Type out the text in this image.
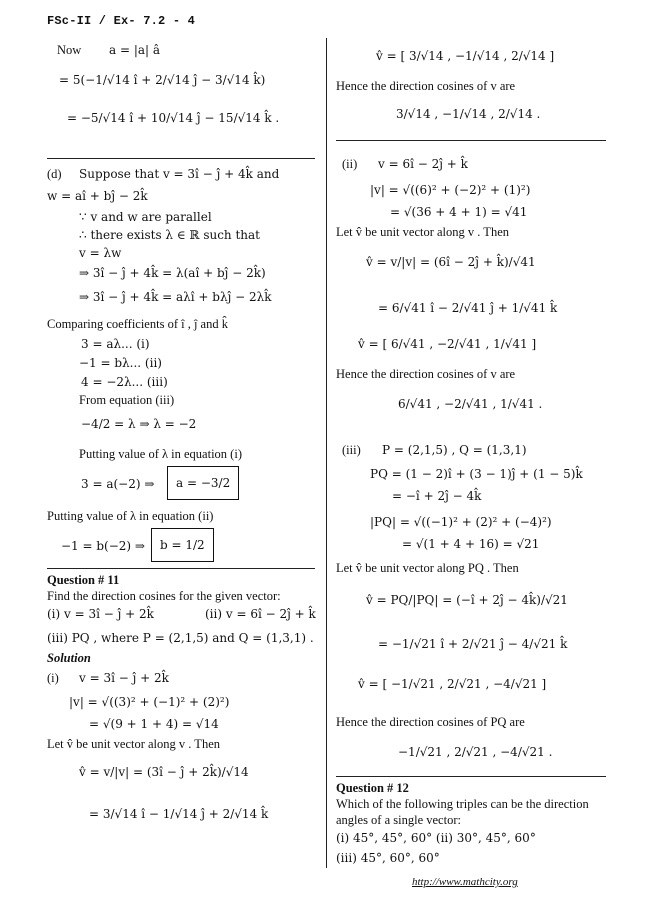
FSc-II / Ex- 7.2 - 4
Now a = |a| â
= 5(−1/√14 î + 2/√14 ĵ − 3/√14 k̂)
= −5/√14 î + 10/√14 ĵ − 15/√14 k̂ .
(d) Suppose that v = 3î − ĵ + 4k̂ and
w = aî + bĵ − 2k̂
∵ v and w are parallel
∴ there exists λ ∈ ℝ such that
v = λw
⇒ 3î − ĵ + 4k̂ = λ(aî + bĵ − 2k̂)
⇒ 3î − ĵ + 4k̂ = aλî + bλĵ − 2λk̂
Comparing coefficients of î , ĵ and k̂
3 = aλ... (i)
−1 = bλ... (ii)
4 = −2λ... (iii)
From equation (iii)
−4/2 = λ ⇒ λ = −2
Putting value of λ in equation (i)
3 = a(−2) ⇒	a = −3/2
Putting value of λ in equation (ii)
−1 = b(−2) ⇒	b = 1/2
Question # 11
Find the direction cosines for the given vector:
(i) v = 3î − ĵ + 2k̂	(ii) v = 6î − 2ĵ + k̂
(iii) PQ , where P = (2,1,5) and Q = (1,3,1) .
Solution
(i) v = 3î − ĵ + 2k̂
|v| = √((3)² + (−1)² + (2)²)
= √(9 + 1 + 4) = √14
Let v̂ be unit vector along v . Then
v̂ = v/|v| = (3î − ĵ + 2k̂)/√14
= 3/√14 î − 1/√14 ĵ + 2/√14 k̂
v̂ = [ 3/√14 , −1/√14 , 2/√14 ]
Hence the direction cosines of v are
3/√14 , −1/√14 , 2/√14 .
(ii) v = 6î − 2ĵ + k̂
|v| = √((6)² + (−2)² + (1)²)
= √(36 + 4 + 1) = √41
Let v̂ be unit vector along v . Then
v̂ = v/|v| = (6î − 2ĵ + k̂)/√41
= 6/√41 î − 2/√41 ĵ + 1/√41 k̂
v̂ = [ 6/√41 , −2/√41 , 1/√41 ]
Hence the direction cosines of v are
6/√41 , −2/√41 , 1/√41 .
(iii) P = (2,1,5) , Q = (1,3,1)
PQ = (1 − 2)î + (3 − 1)ĵ + (1 − 5)k̂
= −î + 2ĵ − 4k̂
|PQ| = √((−1)² + (2)² + (−4)²)
= √(1 + 4 + 16) = √21
Let v̂ be unit vector along PQ . Then
v̂ = PQ/|PQ| = (−î + 2ĵ − 4k̂)/√21
= −1/√21 î + 2/√21 ĵ − 4/√21 k̂
v̂ = [ −1/√21 , 2/√21 , −4/√21 ]
Hence the direction cosines of PQ are
−1/√21 , 2/√21 , −4/√21 .
Question # 12
Which of the following triples can be the direction
angles of a single vector:
(i) 45°, 45°, 60° (ii) 30°, 45°, 60°
(iii) 45°, 60°, 60°
http://www.mathcity.org
